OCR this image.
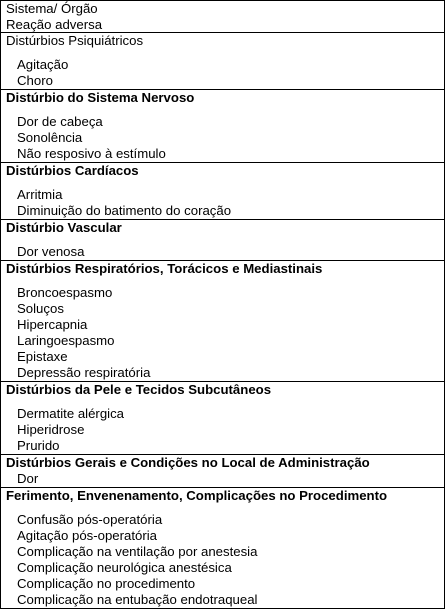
Sistema/ Órgão
Reação adversa
Distúrbios Psiquiátricos
Agitação
Choro
Distúrbio do Sistema Nervoso
Dor de cabeça
Sonolência
Não resposivo à estímulo
Distúrbios Cardíacos
Arritmia
Diminuição do batimento do coração
Distúrbio Vascular
Dor venosa
Distúrbios Respiratórios, Torácicos e Mediastinais
Broncoespasmo
Soluços
Hipercapnia
Laringoespasmo
Epistaxe
Depressão respiratória
Distúrbios da Pele e Tecidos Subcutâneos
Dermatite alérgica
Hiperidrose
Prurido
Distúrbios Gerais e Condições no Local de Administração
Dor
Ferimento, Envenenamento, Complicações no Procedimento
Confusão pós-operatória
Agitação pós-operatória
Complicação na ventilação por anestesia
Complicação neurológica anestésica
Complicação no procedimento
Complicação na entubação endotraqueal
